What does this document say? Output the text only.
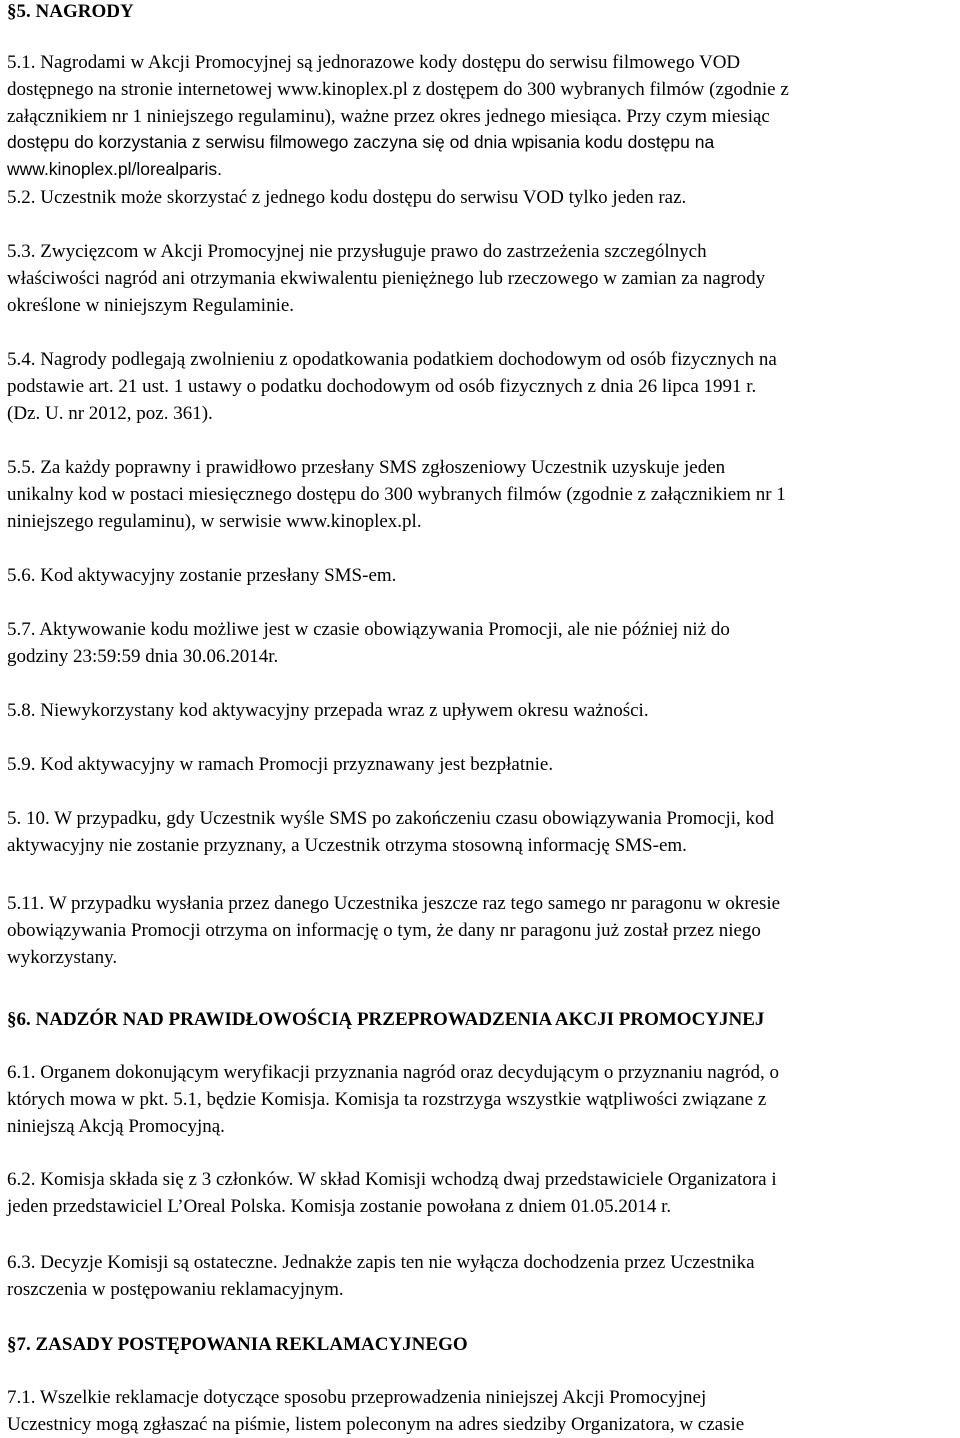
§5. NAGRODY
5.1. Nagrodami w Akcji Promocyjnej są jednorazowe kody dostępu do serwisu filmowego VOD
dostępnego na stronie internetowej www.kinoplex.pl z dostępem do 300 wybranych filmów (zgodnie z
załącznikiem nr 1 niniejszego regulaminu), ważne przez okres jednego miesiąca. Przy czym miesiąc
dostępu do korzystania z serwisu filmowego zaczyna się od dnia wpisania kodu dostępu na
www.kinoplex.pl/lorealparis.
5.2. Uczestnik może skorzystać z jednego kodu dostępu do serwisu VOD tylko jeden raz.
5.3. Zwycięzcom w Akcji Promocyjnej nie przysługuje prawo do zastrzeżenia szczególnych
właściwości nagród ani otrzymania ekwiwalentu pieniężnego lub rzeczowego w zamian za nagrody
określone w niniejszym Regulaminie.
5.4. Nagrody podlegają zwolnieniu z opodatkowania podatkiem dochodowym od osób fizycznych na
podstawie art. 21 ust. 1 ustawy o podatku dochodowym od osób fizycznych z dnia 26 lipca 1991 r.
(Dz. U. nr 2012, poz. 361).
5.5. Za każdy poprawny i prawidłowo przesłany SMS zgłoszeniowy Uczestnik uzyskuje jeden
unikalny kod w postaci miesięcznego dostępu do 300 wybranych filmów (zgodnie z załącznikiem nr 1
niniejszego regulaminu), w serwisie www.kinoplex.pl.
5.6. Kod aktywacyjny zostanie przesłany SMS-em.
5.7. Aktywowanie kodu możliwe jest w czasie obowiązywania Promocji, ale nie później niż do
godziny 23:59:59 dnia 30.06.2014r.
5.8. Niewykorzystany kod aktywacyjny przepada wraz z upływem okresu ważności.
5.9. Kod aktywacyjny w ramach Promocji przyznawany jest bezpłatnie.
5. 10. W przypadku, gdy Uczestnik wyśle SMS po zakończeniu czasu obowiązywania Promocji, kod
aktywacyjny nie zostanie przyznany, a Uczestnik otrzyma stosowną informację SMS-em.
5.11. W przypadku wysłania przez danego Uczestnika jeszcze raz tego samego nr paragonu w okresie
obowiązywania Promocji otrzyma on informację o tym, że dany nr paragonu już został przez niego
wykorzystany.
§6. NADZÓR NAD PRAWIDŁOWOŚCIĄ PRZEPROWADZENIA AKCJI PROMOCYJNEJ
6.1. Organem dokonującym weryfikacji przyznania nagród oraz decydującym o przyznaniu nagród, o
których mowa w pkt. 5.1, będzie Komisja. Komisja ta rozstrzyga wszystkie wątpliwości związane z
niniejszą Akcją Promocyjną.
6.2. Komisja składa się z 3 członków. W skład Komisji wchodzą dwaj przedstawiciele Organizatora i
jeden przedstawiciel L’Oreal Polska. Komisja zostanie powołana z dniem 01.05.2014 r.
6.3. Decyzje Komisji są ostateczne. Jednakże zapis ten nie wyłącza dochodzenia przez Uczestnika
roszczenia w postępowaniu reklamacyjnym.
§7. ZASADY POSTĘPOWANIA REKLAMACYJNEGO
7.1. Wszelkie reklamacje dotyczące sposobu przeprowadzenia niniejszej Akcji Promocyjnej
Uczestnicy mogą zgłaszać na piśmie, listem poleconym na adres siedziby Organizatora, w czasie
